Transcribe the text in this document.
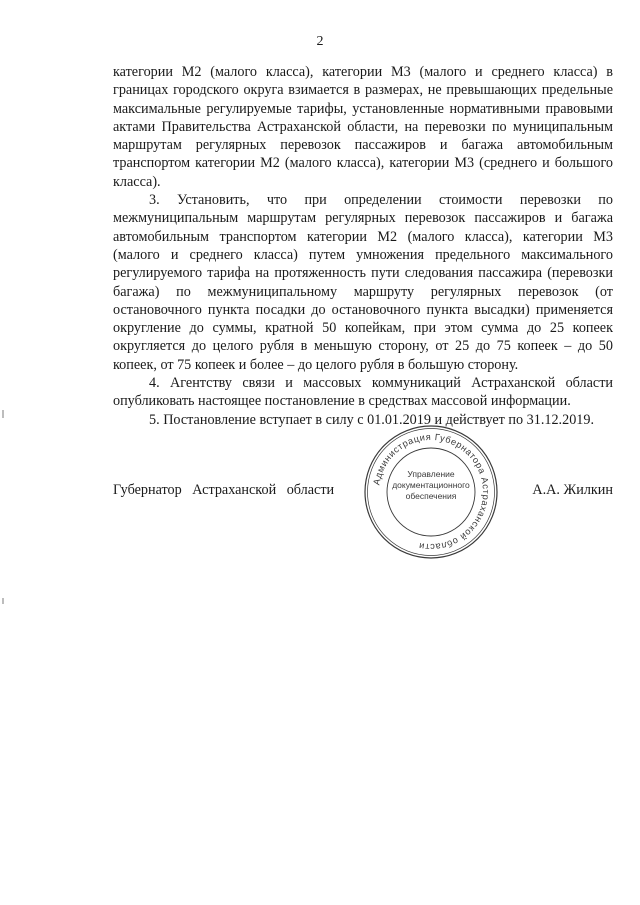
2

категории М2 (малого класса), категории М3 (малого и среднего класса) в границах городского округа взимается в размерах, не превышающих предельные максимальные регулируемые тарифы, установленные нормативными правовыми актами Правительства Астраханской области, на перевозки по муниципальным маршрутам регулярных перевозок пассажиров и багажа автомобильным транспортом категории М2 (малого класса), категории М3 (среднего и большого класса).

3. Установить, что при определении стоимости перевозки по межмуниципальным маршрутам регулярных перевозок пассажиров и багажа автомобильным транспортом категории М2 (малого класса), категории М3 (малого и среднего класса) путем умножения предельного максимального регулируемого тарифа на протяженность пути следования пассажира (перевозки багажа) по межмуниципальному маршруту регулярных перевозок (от остановочного пункта посадки до остановочного пункта высадки) применяется округление до суммы, кратной 50 копейкам, при этом сумма до 25 копеек округляется до целого рубля в меньшую сторону, от 25 до 75 копеек – до 50 копеек, от 75 копеек и более – до целого рубля в большую сторону.

4. Агентству связи и массовых коммуникаций Астраханской области опубликовать настоящее постановление в средствах массовой информации.

5. Постановление вступает в силу с 01.01.2019 и действует по 31.12.2019.

Губернатор Астраханской области	А.А. Жилкин
Администрация Губернатора Астраханской области
Управление
документационного
обеспечения
